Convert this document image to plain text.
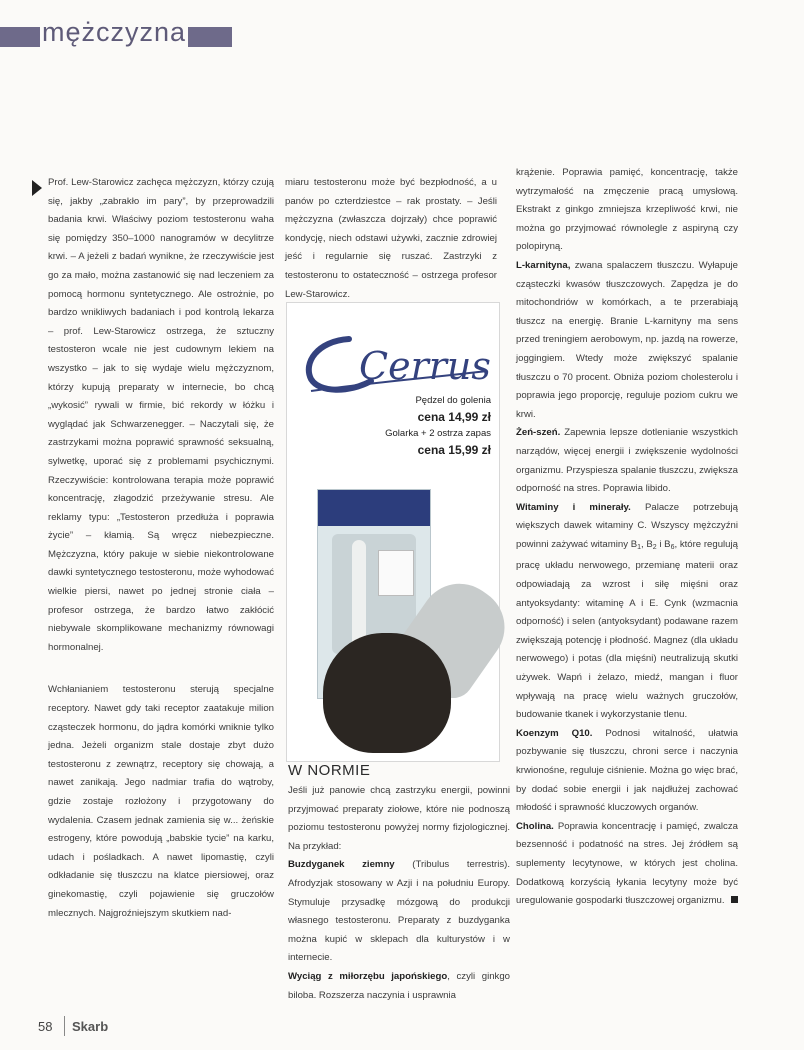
mężczyzna

Prof. Lew-Starowicz zachęca mężczyzn, którzy czują się, jakby „zabrakło im pary”, by przeprowadzili badania krwi. Właściwy poziom testosteronu waha się pomiędzy 350–1000 nanogramów w decylitrze krwi. – A jeżeli z badań wynikne, że rzeczywiście jest go za mało, można zastanowić się nad leczeniem za pomocą hormonu syntetycznego. Ale ostrożnie, po bardzo wnikliwych badaniach i pod kontrolą lekarza – prof. Lew-Starowicz ostrzega, że sztuczny testosteron wcale nie jest cudownym lekiem na wszystko – jak to się wydaje wielu mężczyznom, którzy kupują preparaty w internecie, bo chcą „wykosić” rywali w firmie, bić rekordy w łóżku i wyglądać jak Schwarzenegger. – Naczytali się, że zastrzykami można poprawić sprawność seksualną, sylwetkę, uporać się z problemami psychicznymi. Rzeczywiście: kontrolowana terapia może poprawić koncentrację, złagodzić przeżywanie stresu. Ale reklamy typu: „Testosteron przedłuża i poprawia życie” – kłamią. Są wręcz niebezpieczne. Mężczyzna, który pakuje w siebie niekontrolowane dawki syntetycznego testosteronu, może wyhodować wielkie piersi, nawet po jednej stronie ciała – profesor ostrzega, że bardzo łatwo zakłócić niebywale skomplikowane mechanizmy równowagi hormonalnej.

Wchłanianiem testosteronu sterują specjalne receptory. Nawet gdy taki receptor zaatakuje milion cząsteczek hormonu, do jądra komórki wniknie tylko jedna. Jeżeli organizm stale dostaje zbyt dużo testosteronu z zewnątrz, receptory się chowają, a nawet zanikają. Jego nadmiar trafia do wątroby, gdzie zostaje rozłożony i przygotowany do wydalenia. Czasem jednak zamienia się w... żeńskie estrogeny, które powodują „babskie tycie” na karku, udach i pośladkach. A nawet lipomastię, czyli odkładanie się tłuszczu na klatce piersiowej, oraz ginekomastię, czyli pojawienie się gruczołów mlecznych. Najgroźniejszym skutkiem nad-

miaru testosteronu może być bezpłodność, a u panów po czterdziestce – rak prostaty. – Jeśli mężczyzna (zwłaszcza dojrzały) chce poprawić kondycję, niech odstawi używki, zacznie zdrowiej jeść i regularnie się ruszać. Zastrzyki z testosteronu to ostateczność – ostrzega profesor Lew-Starowicz.

Cerrus
Pędzel do golenia
cena 14,99 zł
Golarka + 2 ostrza zapas
cena 15,99 zł
W NORMIE

Jeśli już panowie chcą zastrzyku energii, powinni przyjmować preparaty ziołowe, które nie podnoszą poziomu testosteronu powyżej normy fizjologicznej. Na przykład:

Buzdyganek ziemny (Tribulus terrestris). Afrodyzjak stosowany w Azji i na południu Europy. Stymuluje przysadkę mózgową do produkcji własnego testosteronu. Preparaty z buzdyganka można kupić w sklepach dla kulturystów i w internecie.

Wyciąg z miłorzębu japońskiego, czyli ginkgo biloba. Rozszerza naczynia i usprawnia

krążenie. Poprawia pamięć, koncentrację, także wytrzymałość na zmęczenie pracą umysłową. Ekstrakt z ginkgo zmniejsza krzepliwość krwi, nie można go przyjmować równolegle z aspiryną czy polopiryną.

L-karnityna, zwana spalaczem tłuszczu. Wyłapuje cząsteczki kwasów tłuszczowych. Zapędza je do mitochondriów w komórkach, a te przerabiają tłuszcz na energię. Branie L-karnityny ma sens przed treningiem aerobowym, np. jazdą na rowerze, joggingiem. Wtedy może zwiększyć spalanie tłuszczu o 70 procent. Obniża poziom cholesterolu i poprawia jego proporcję, reguluje poziom cukru we krwi.

Żeń-szeń. Zapewnia lepsze dotlenianie wszystkich narządów, więcej energii i zwiększenie wydolności organizmu. Przyspiesza spalanie tłuszczu, zwiększa odporność na stres. Poprawia libido.

Witaminy i minerały. Palacze potrzebują większych dawek witaminy C. Wszyscy mężczyźni powinni zażywać witaminy $B_1$, $B_2$ i $B_6$, które regulują pracę układu nerwowego, przemianę materii oraz odpowiadają za wzrost i siłę mięśni oraz antyoksydanty: witaminę A i E. Cynk (wzmacnia odporność) i selen (antyoksydant) podawane razem zwiększają potencję i płodność. Magnez (dla układu nerwowego) i potas (dla mięśni) neutralizują skutki używek. Wapń i żelazo, miedź, mangan i fluor wpływają na pracę wielu ważnych gruczołów, budowanie tkanek i wykorzystanie tlenu.

Koenzym Q10. Podnosi witalność, ułatwia pozbywanie się tłuszczu, chroni serce i naczynia krwionośne, reguluje ciśnienie. Można go więc brać, by dodać sobie energii i jak najdłużej zachować młodość i sprawność kluczowych organów.

Cholina. Poprawia koncentrację i pamięć, zwalcza bezsenność i podatność na stres. Jej źródłem są suplementy lecytynowe, w których jest cholina. Dodatkową korzyścią łykania lecytyny może być uregulowanie gospodarki tłuszczowej organizmu.

58 Skarb
